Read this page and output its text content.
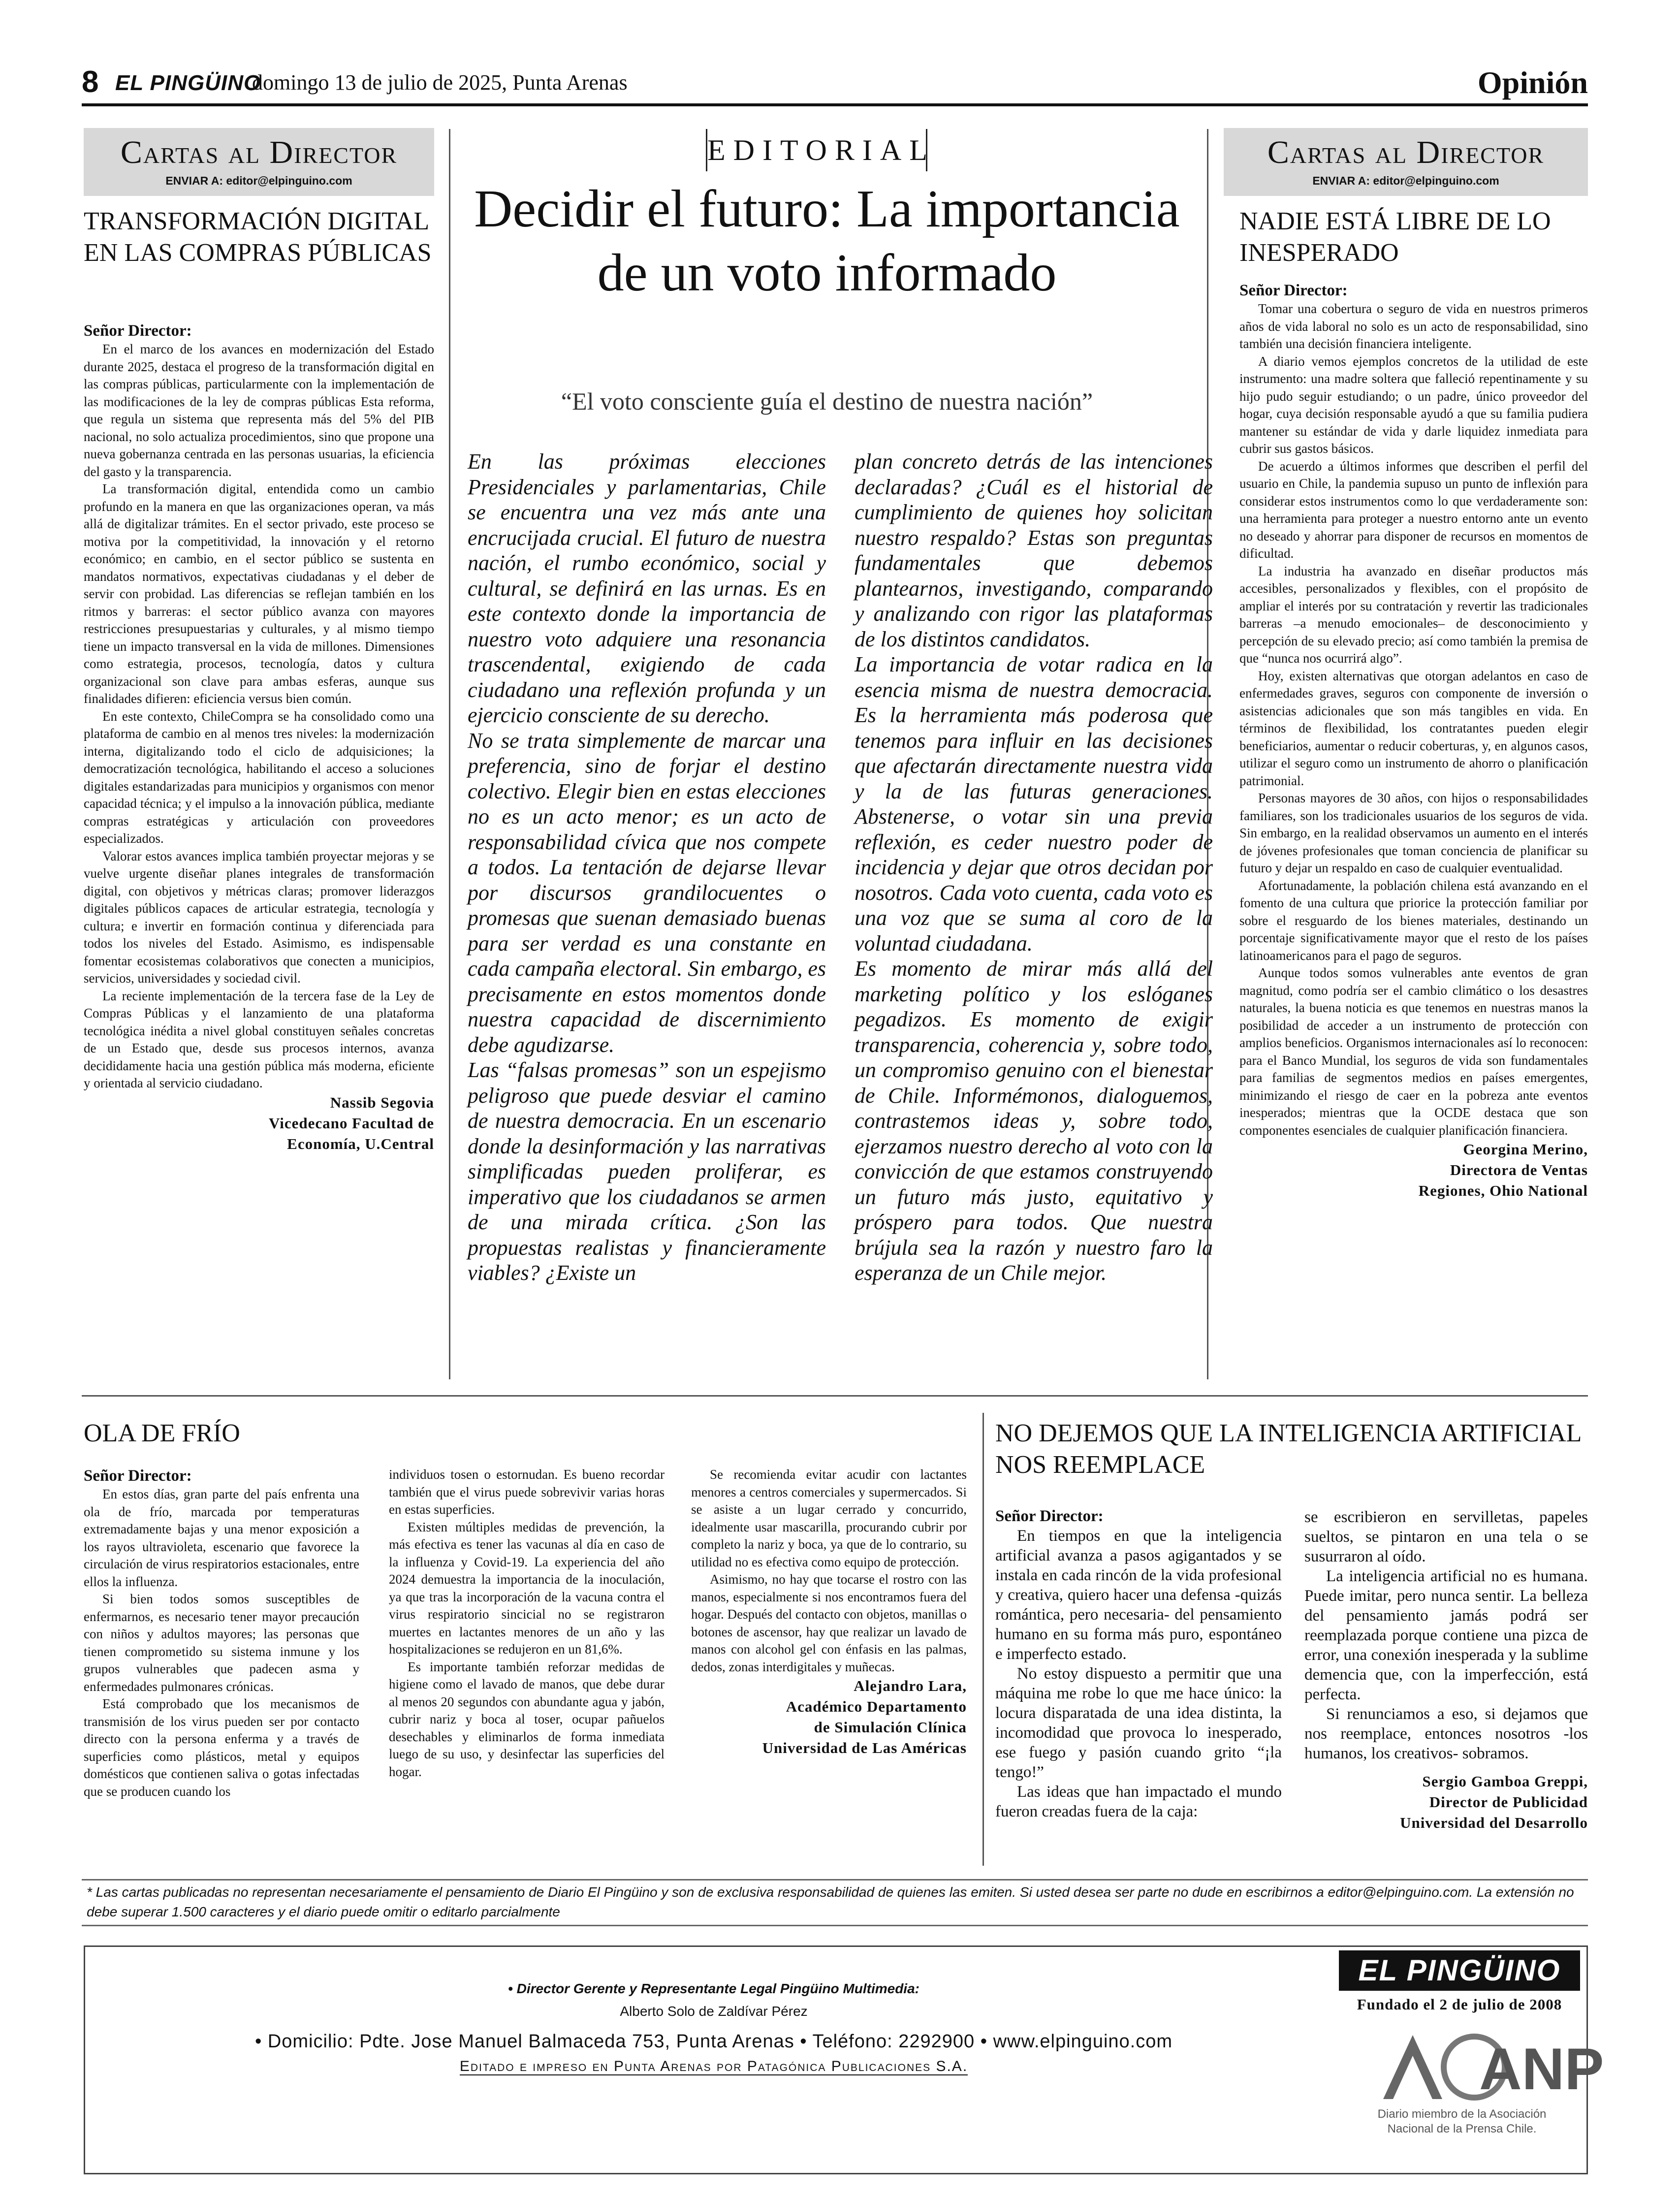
8 EL PINGÜINO
domingo 13 de julio de 2025, Punta Arenas	Opinión
Cartas al Director
ENVIAR A: editor@elpinguino.com
TRANSFORMACIÓN DIGITAL EN LAS COMPRAS PÚBLICAS
Señor Director:

En el marco de los avances en modernización del Estado durante 2025, destaca el progreso de la transformación digital en las compras públicas, particularmente con la implementación de las modificaciones de la ley de compras públicas Esta reforma, que regula un sistema que representa más del 5% del PIB nacional, no solo actualiza procedimientos, sino que propone una nueva gobernanza centrada en las personas usuarias, la eficiencia del gasto y la transparencia.

La transformación digital, entendida como un cambio profundo en la manera en que las organizaciones operan, va más allá de digitalizar trámites. En el sector privado, este proceso se motiva por la competitividad, la innovación y el retorno económico; en cambio, en el sector público se sustenta en mandatos normativos, expectativas ciudadanas y el deber de servir con probidad. Las diferencias se reflejan también en los ritmos y barreras: el sector público avanza con mayores restricciones presupuestarias y culturales, y al mismo tiempo tiene un impacto transversal en la vida de millones. Dimensiones como estrategia, procesos, tecnología, datos y cultura organizacional son clave para ambas esferas, aunque sus finalidades difieren: eficiencia versus bien común.

En este contexto, ChileCompra se ha consolidado como una plataforma de cambio en al menos tres niveles: la modernización interna, digitalizando todo el ciclo de adquisiciones; la democratización tecnológica, habilitando el acceso a soluciones digitales estandarizadas para municipios y organismos con menor capacidad técnica; y el impulso a la innovación pública, mediante compras estratégicas y articulación con proveedores especializados.

Valorar estos avances implica también proyectar mejoras y se vuelve urgente diseñar planes integrales de transformación digital, con objetivos y métricas claras; promover liderazgos digitales públicos capaces de articular estrategia, tecnología y cultura; e invertir en formación continua y diferenciada para todos los niveles del Estado. Asimismo, es indispensable fomentar ecosistemas colaborativos que conecten a municipios, servicios, universidades y sociedad civil.

La reciente implementación de la tercera fase de la Ley de Compras Públicas y el lanzamiento de una plataforma tecnológica inédita a nivel global constituyen señales concretas de un Estado que, desde sus procesos internos, avanza decididamente hacia una gestión pública más moderna, eficiente y orientada al servicio ciudadano.

Nassib Segovia
Vicedecano Facultad de
Economía, U.Central
EDITORIAL
Decidir el futuro: La importancia de un voto informado
“El voto consciente guía el destino de nuestra nación”

En las próximas elecciones Presidenciales y parlamentarias, Chile se encuentra una vez más ante una encrucijada crucial. El futuro de nuestra nación, el rumbo económico, social y cultural, se definirá en las urnas. Es en este contexto donde la importancia de nuestro voto adquiere una resonancia trascendental, exigiendo de cada ciudadano una reflexión profunda y un ejercicio consciente de su derecho.

No se trata simplemente de marcar una preferencia, sino de forjar el destino colectivo. Elegir bien en estas elecciones no es un acto menor; es un acto de responsabilidad cívica que nos compete a todos. La tentación de dejarse llevar por discursos grandilocuentes o promesas que suenan demasiado buenas para ser verdad es una constante en cada campaña electoral. Sin embargo, es precisamente en estos momentos donde nuestra capacidad de discernimiento debe agudizarse.

Las “falsas promesas” son un espejismo peligroso que puede desviar el camino de nuestra democracia. En un escenario donde la desinformación y las narrativas simplificadas pueden proliferar, es imperativo que los ciudadanos se armen de una mirada crítica. ¿Son las propuestas realistas y financieramente viables? ¿Existe un

plan concreto detrás de las intenciones declaradas? ¿Cuál es el historial de cumplimiento de quienes hoy solicitan nuestro respaldo? Estas son preguntas fundamentales que debemos plantearnos, investigando, comparando y analizando con rigor las plataformas de los distintos candidatos.

La importancia de votar radica en la esencia misma de nuestra democracia. Es la herramienta más poderosa que tenemos para influir en las decisiones que afectarán directamente nuestra vida y la de las futuras generaciones. Abstenerse, o votar sin una previa reflexión, es ceder nuestro poder de incidencia y dejar que otros decidan por nosotros. Cada voto cuenta, cada voto es una voz que se suma al coro de la voluntad ciudadana.

Es momento de mirar más allá del marketing político y los eslóganes pegadizos. Es momento de exigir transparencia, coherencia y, sobre todo, un compromiso genuino con el bienestar de Chile. Informémonos, dialoguemos, contrastemos ideas y, sobre todo, ejerzamos nuestro derecho al voto con la convicción de que estamos construyendo un futuro más justo, equitativo y próspero para todos. Que nuestra brújula sea la razón y nuestro faro la esperanza de un Chile mejor.

Cartas al Director
ENVIAR A: editor@elpinguino.com
NADIE ESTÁ LIBRE DE LO INESPERADO
Señor Director:

Tomar una cobertura o seguro de vida en nuestros primeros años de vida laboral no solo es un acto de responsabilidad, sino también una decisión financiera inteligente.

A diario vemos ejemplos concretos de la utilidad de este instrumento: una madre soltera que falleció repentinamente y su hijo pudo seguir estudiando; o un padre, único proveedor del hogar, cuya decisión responsable ayudó a que su familia pudiera mantener su estándar de vida y darle liquidez inmediata para cubrir sus gastos básicos.

De acuerdo a últimos informes que describen el perfil del usuario en Chile, la pandemia supuso un punto de inflexión para considerar estos instrumentos como lo que verdaderamente son: una herramienta para proteger a nuestro entorno ante un evento no deseado y ahorrar para disponer de recursos en momentos de dificultad.

La industria ha avanzado en diseñar productos más accesibles, personalizados y flexibles, con el propósito de ampliar el interés por su contratación y revertir las tradicionales barreras –a menudo emocionales– de desconocimiento y percepción de su elevado precio; así como también la premisa de que “nunca nos ocurrirá algo”.

Hoy, existen alternativas que otorgan adelantos en caso de enfermedades graves, seguros con componente de inversión o asistencias adicionales que son más tangibles en vida. En términos de flexibilidad, los contratantes pueden elegir beneficiarios, aumentar o reducir coberturas, y, en algunos casos, utilizar el seguro como un instrumento de ahorro o planificación patrimonial.

Personas mayores de 30 años, con hijos o responsabilidades familiares, son los tradicionales usuarios de los seguros de vida. Sin embargo, en la realidad observamos un aumento en el interés de jóvenes profesionales que toman conciencia de planificar su futuro y dejar un respaldo en caso de cualquier eventualidad.

Afortunadamente, la población chilena está avanzando en el fomento de una cultura que priorice la protección familiar por sobre el resguardo de los bienes materiales, destinando un porcentaje significativamente mayor que el resto de los países latinoamericanos para el pago de seguros.

Aunque todos somos vulnerables ante eventos de gran magnitud, como podría ser el cambio climático o los desastres naturales, la buena noticia es que tenemos en nuestras manos la posibilidad de acceder a un instrumento de protección con amplios beneficios. Organismos internacionales así lo reconocen: para el Banco Mundial, los seguros de vida son fundamentales para familias de segmentos medios en países emergentes, minimizando el riesgo de caer en la pobreza ante eventos inesperados; mientras que la OCDE destaca que son componentes esenciales de cualquier planificación financiera.

Georgina Merino,
Directora de Ventas
Regiones, Ohio National
OLA DE FRÍO
Señor Director:

En estos días, gran parte del país enfrenta una ola de frío, marcada por temperaturas extremadamente bajas y una menor exposición a los rayos ultravioleta, escenario que favorece la circulación de virus respiratorios estacionales, entre ellos la influenza.

Si bien todos somos susceptibles de enfermarnos, es necesario tener mayor precaución con niños y adultos mayores; las personas que tienen comprometido su sistema inmune y los grupos vulnerables que padecen asma y enfermedades pulmonares crónicas.

Está comprobado que los mecanismos de transmisión de los virus pueden ser por contacto directo con la persona enferma y a través de superficies como plásticos, metal y equipos domésticos que contienen saliva o gotas infectadas que se producen cuando los

individuos tosen o estornudan. Es bueno recordar también que el virus puede sobrevivir varias horas en estas superficies.

Existen múltiples medidas de prevención, la más efectiva es tener las vacunas al día en caso de la influenza y Covid-19. La experiencia del año 2024 demuestra la importancia de la inoculación, ya que tras la incorporación de la vacuna contra el virus respiratorio sincicial no se registraron muertes en lactantes menores de un año y las hospitalizaciones se redujeron en un 81,6%.

Es importante también reforzar medidas de higiene como el lavado de manos, que debe durar al menos 20 segundos con abundante agua y jabón, cubrir nariz y boca al toser, ocupar pañuelos desechables y eliminarlos de forma inmediata luego de su uso, y desinfectar las superficies del hogar.

Se recomienda evitar acudir con lactantes menores a centros comerciales y supermercados. Si se asiste a un lugar cerrado y concurrido, idealmente usar mascarilla, procurando cubrir por completo la nariz y boca, ya que de lo contrario, su utilidad no es efectiva como equipo de protección.

Asimismo, no hay que tocarse el rostro con las manos, especialmente si nos encontramos fuera del hogar. Después del contacto con objetos, manillas o botones de ascensor, hay que realizar un lavado de manos con alcohol gel con énfasis en las palmas, dedos, zonas interdigitales y muñecas.

Alejandro Lara,
Académico Departamento
de Simulación Clínica
Universidad de Las Américas
NO DEJEMOS QUE LA INTELIGENCIA ARTIFICIAL NOS REEMPLACE
Señor Director:

En tiempos en que la inteligencia artificial avanza a pasos agigantados y se instala en cada rincón de la vida profesional y creativa, quiero hacer una defensa -quizás romántica, pero necesaria- del pensamiento humano en su forma más puro, espontáneo e imperfecto estado.

No estoy dispuesto a permitir que una máquina me robe lo que me hace único: la locura disparatada de una idea distinta, la incomodidad que provoca lo inesperado, ese fuego y pasión cuando grito “¡la tengo!”

Las ideas que han impactado el mundo fueron creadas fuera de la caja:

se escribieron en servilletas, papeles sueltos, se pintaron en una tela o se susurraron al oído.

La inteligencia artificial no es humana. Puede imitar, pero nunca sentir. La belleza del pensamiento jamás podrá ser reemplazada porque contiene una pizca de error, una conexión inesperada y la sublime demencia que, con la imperfección, está perfecta.

Si renunciamos a eso, si dejamos que nos reemplace, entonces nosotros -los humanos, los creativos- sobramos.

Sergio Gamboa Greppi,
Director de Publicidad
Universidad del Desarrollo
* Las cartas publicadas no representan necesariamente el pensamiento de Diario El Pingüino y son de exclusiva responsabilidad de quienes las emiten. Si usted desea ser parte no dude en escribirnos a editor@elpinguino.com. La extensión no debe superar 1.500 caracteres y el diario puede omitir o editarlo parcialmente
• Director Gerente y Representante Legal Pingüino Multimedia:
Alberto Solo de Zaldívar Pérez
• Domicilio: Pdte. Jose Manuel Balmaceda 753, Punta Arenas • Teléfono: 2292900 • www.elpinguino.com
Editado e impreso en Punta Arenas por Patagónica Publicaciones S.A.
EL PINGÜINO
Fundado el 2 de julio de 2008
ANP
Diario miembro de la Asociación Nacional de la Prensa Chile.
